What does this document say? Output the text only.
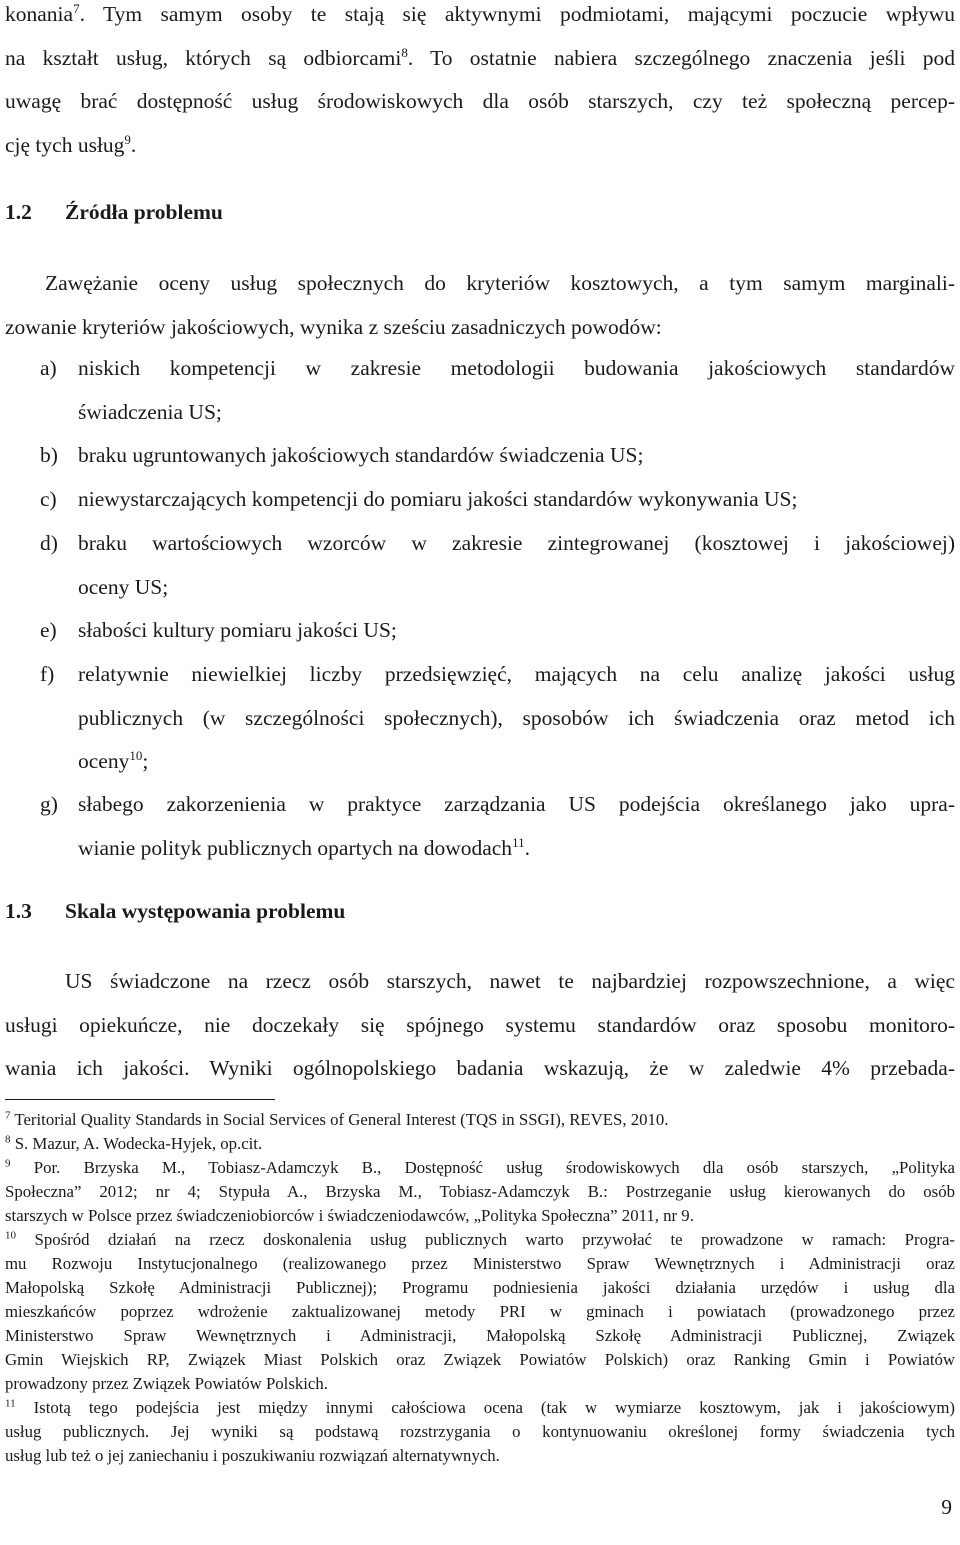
konania$^7$. Tym samym osoby te stają się aktywnymi podmiotami, mającymi poczucie wpływu
na kształt usług, których są odbiorcami$^8$. To ostatnie nabiera szczególnego znaczenia jeśli pod
uwagę brać dostępność usług środowiskowych dla osób starszych, czy też społeczną percep-
cję tych usług$^9$.
1.2 Źródła problemu
Zawężanie oceny usług społecznych do kryteriów kosztowych, a tym samym marginali-
zowanie kryteriów jakościowych, wynika z sześciu zasadniczych powodów:
a) niskich kompetencji w zakresie metodologii budowania jakościowych standardów
świadczenia US;
b) braku ugruntowanych jakościowych standardów świadczenia US;
c) niewystarczających kompetencji do pomiaru jakości standardów wykonywania US;
d) braku wartościowych wzorców w zakresie zintegrowanej (kosztowej i jakościowej)
oceny US;
e) słabości kultury pomiaru jakości US;
f) relatywnie niewielkiej liczby przedsięwzięć, mających na celu analizę jakości usług
publicznych (w szczególności społecznych), sposobów ich świadczenia oraz metod ich
oceny$^{10}$;
g) słabego zakorzenienia w praktyce zarządzania US podejścia określanego jako upra-
wianie polityk publicznych opartych na dowodach$^{11}$.
1.3 Skala występowania problemu
US świadczone na rzecz osób starszych, nawet te najbardziej rozpowszechnione, a więc
usługi opiekuńcze, nie doczekały się spójnego systemu standardów oraz sposobu monitoro-
wania ich jakości. Wyniki ogólnopolskiego badania wskazują, że w zaledwie 4% przebada-
$^7$ Teritorial Quality Standards in Social Services of General Interest (TQS in SSGI), REVES, 2010.
$^8$ S. Mazur, A. Wodecka-Hyjek, op.cit.
$^9$ Por. Brzyska M., Tobiasz-Adamczyk B., Dostępność usług środowiskowych dla osób starszych, „Polityka
Społeczna” 2012; nr 4; Stypuła A., Brzyska M., Tobiasz-Adamczyk B.: Postrzeganie usług kierowanych do osób
starszych w Polsce przez świadczeniobiorców i świadczeniodawców, „Polityka Społeczna” 2011, nr 9.
$^{10}$ Spośród działań na rzecz doskonalenia usług publicznych warto przywołać te prowadzone w ramach: Progra-
mu Rozwoju Instytucjonalnego (realizowanego przez Ministerstwo Spraw Wewnętrznych i Administracji oraz
Małopolską Szkołę Administracji Publicznej); Programu podniesienia jakości działania urzędów i usług dla
mieszkańców poprzez wdrożenie zaktualizowanej metody PRI w gminach i powiatach (prowadzonego przez
Ministerstwo Spraw Wewnętrznych i Administracji, Małopolską Szkołę Administracji Publicznej, Związek
Gmin Wiejskich RP, Związek Miast Polskich oraz Związek Powiatów Polskich) oraz Ranking Gmin i Powiatów
prowadzony przez Związek Powiatów Polskich.
$^{11}$ Istotą tego podejścia jest między innymi całościowa ocena (tak w wymiarze kosztowym, jak i jakościowym)
usług publicznych. Jej wyniki są podstawą rozstrzygania o kontynuowaniu określonej formy świadczenia tych
usług lub też o jej zaniechaniu i poszukiwaniu rozwiązań alternatywnych.
9
